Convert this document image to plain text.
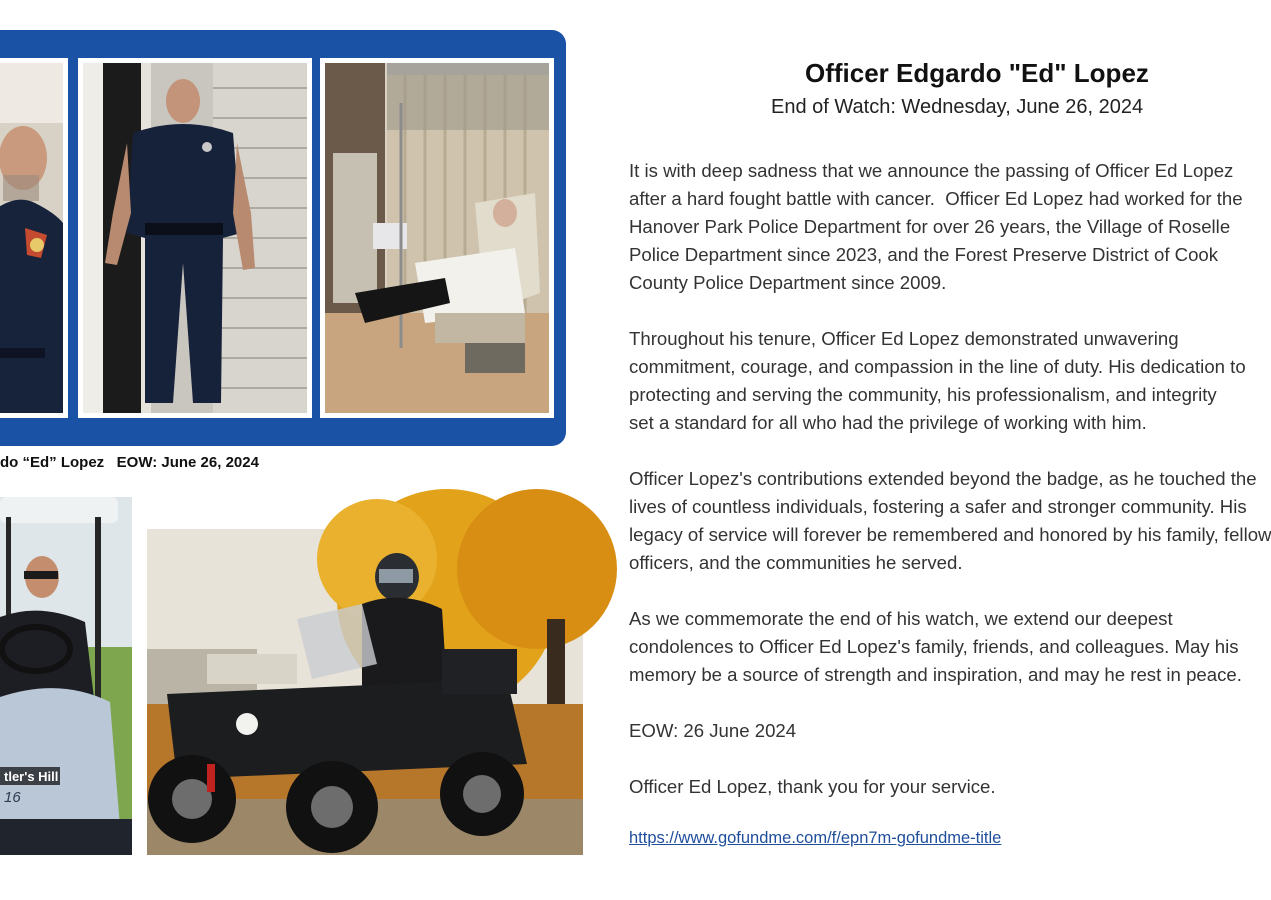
do “Ed” Lopez   EOW: June 26, 2024
tler's Hill
16
Officer Edgardo "Ed" Lopez
End of Watch: Wednesday, June 26, 2024
It is with deep sadness that we announce the passing of Officer Ed Lopez
after a hard fought battle with cancer.  Officer Ed Lopez had worked for the
Hanover Park Police Department for over 26 years, the Village of Roselle
Police Department since 2023, and the Forest Preserve District of Cook
County Police Department since 2009.
Throughout his tenure, Officer Ed Lopez demonstrated unwavering
commitment, courage, and compassion in the line of duty. His dedication to
protecting and serving the community, his professionalism, and integrity
set a standard for all who had the privilege of working with him.
Officer Lopez's contributions extended beyond the badge, as he touched the
lives of countless individuals, fostering a safer and stronger community. His
legacy of service will forever be remembered and honored by his family, fellow
officers, and the communities he served.
As we commemorate the end of his watch, we extend our deepest
condolences to Officer Ed Lopez's family, friends, and colleagues. May his
memory be a source of strength and inspiration, and may he rest in peace.
EOW: 26 June 2024
Officer Ed Lopez, thank you for your service.
https://www.gofundme.com/f/epn7m-gofundme-title
